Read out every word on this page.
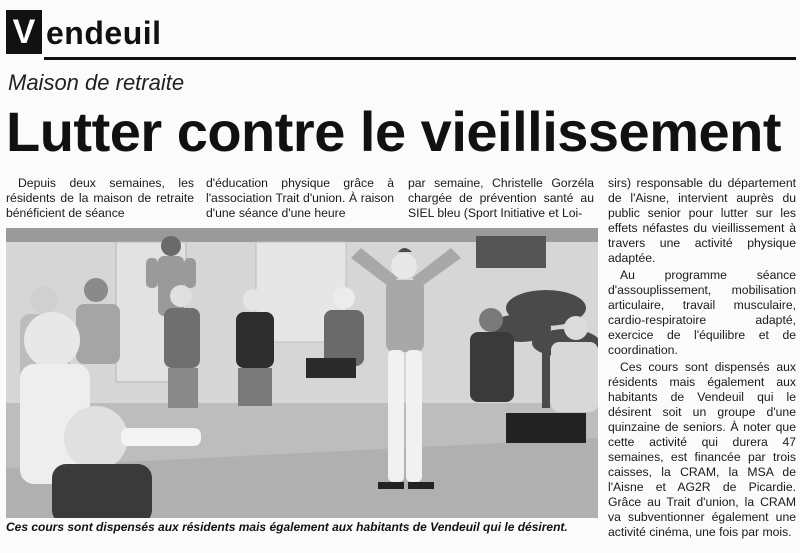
V endeuil
Maison de retraite
Lutter contre le vieillissement

Depuis deux semaines, les résidents de la maison de retraite bénéficient de séance

d'éducation physique grâce à l'association Trait d'union. À raison d'une séance d'une heure

par semaine, Christelle Gorzéla chargée de prévention santé au SIEL bleu (Sport Initiative et Loi-

sirs) responsable du département de l'Aisne, intervient auprès du public senior pour lutter sur les effets néfastes du vieillissement à travers une activité physique adaptée.

Au programme séance d'assouplissement, mobilisation articulaire, travail musculaire, cardio-respiratoire adapté, exercice de l'équilibre et de coordination.

Ces cours sont dispensés aux résidents mais également aux habitants de Vendeuil qui le désirent soit un groupe d'une quinzaine de seniors. À noter que cette activité qui durera 47 semaines, est financée par trois caisses, la CRAM, la MSA de l'Aisne et AG2R de Picardie. Grâce au Trait d'union, la CRAM va subventionner également une activité cinéma, une fois par mois.

Ces cours sont dispensés aux résidents mais également aux habitants de Vendeuil qui le désirent.
